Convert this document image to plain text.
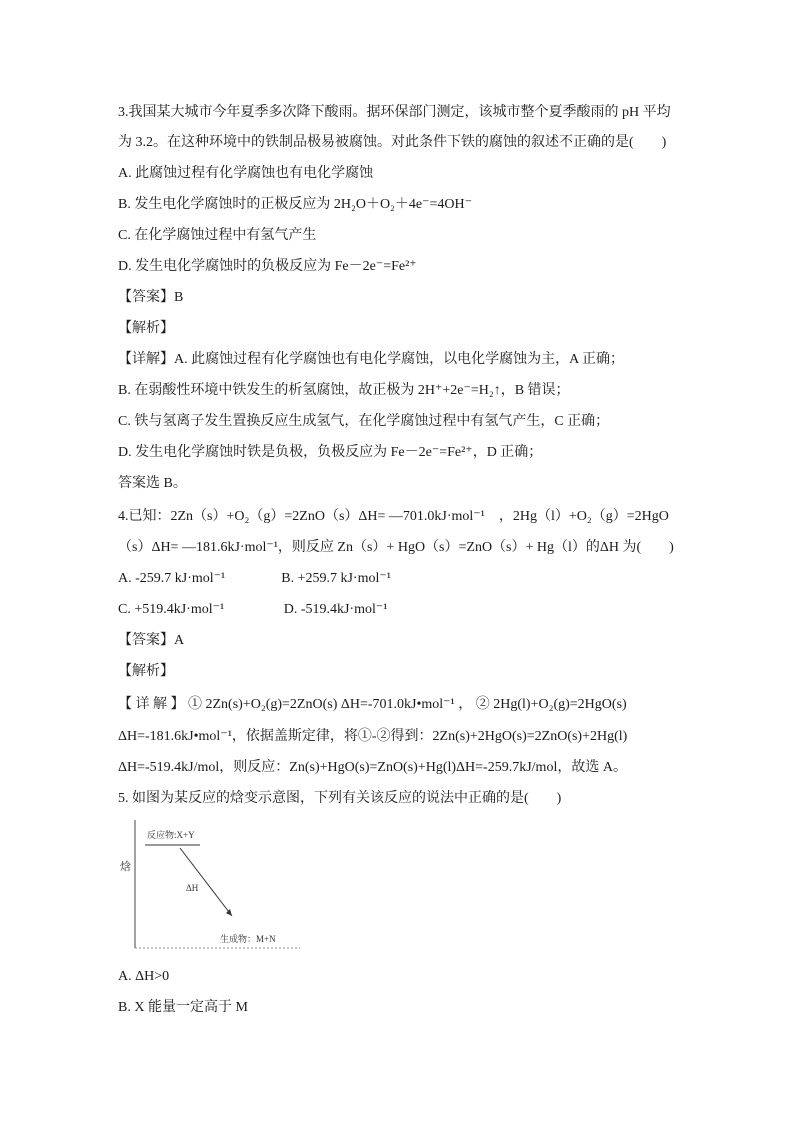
3.我国某大城市今年夏季多次降下酸雨。据环保部门测定，该城市整个夏季酸雨的 pH 平均
为 3.2。在这种环境中的铁制品极易被腐蚀。对此条件下铁的腐蚀的叙述不正确的是(　　)
A. 此腐蚀过程有化学腐蚀也有电化学腐蚀
B. 发生电化学腐蚀时的正极反应为 2H₂O＋O₂＋4e⁻=4OH⁻
C. 在化学腐蚀过程中有氢气产生
D. 发生电化学腐蚀时的负极反应为 Fe－2e⁻=Fe²⁺
【答案】B
【解析】
【详解】A. 此腐蚀过程有化学腐蚀也有电化学腐蚀，以电化学腐蚀为主，A 正确；
B. 在弱酸性环境中铁发生的析氢腐蚀，故正极为 2H⁺+2e⁻=H₂↑，B 错误；
C. 铁与氢离子发生置换反应生成氢气，在化学腐蚀过程中有氢气产生，C 正确；
D. 发生电化学腐蚀时铁是负极，负极反应为 Fe－2e⁻=Fe²⁺，D 正确；
答案选 B。
4.已知：2Zn（s）+O₂（g）=2ZnO（s）ΔH= —701.0kJ·mol⁻¹　，2Hg（l）+O₂（g）=2HgO
（s）ΔH= —181.6kJ·mol⁻¹，则反应 Zn（s）+ HgO（s）=ZnO（s）+ Hg（l）的ΔH 为(　　)
A. -259.7 kJ·mol⁻¹                B. +259.7 kJ·mol⁻¹
C. +519.4kJ·mol⁻¹                 D. -519.4kJ·mol⁻¹
【答案】A
【解析】
【 详 解 】 ① 2Zn(s)+O₂(g)=2ZnO(s) ΔH=-701.0kJ•mol⁻¹ ， ② 2Hg(l)+O₂(g)=2HgO(s)
ΔH=-181.6kJ•mol⁻¹，依据盖斯定律，将①-②得到：2Zn(s)+2HgO(s)=2ZnO(s)+2Hg(l)
ΔH=-519.4kJ/mol，则反应：Zn(s)+HgO(s)=ZnO(s)+Hg(l)ΔH=-259.7kJ/mol，故选 A。
5. 如图为某反应的焓变示意图，下列有关该反应的说法中正确的是(　　)
反应物:X+Y
ΔH
生成物：M+N
焓
A. ΔH>0
B. X 能量一定高于 M
